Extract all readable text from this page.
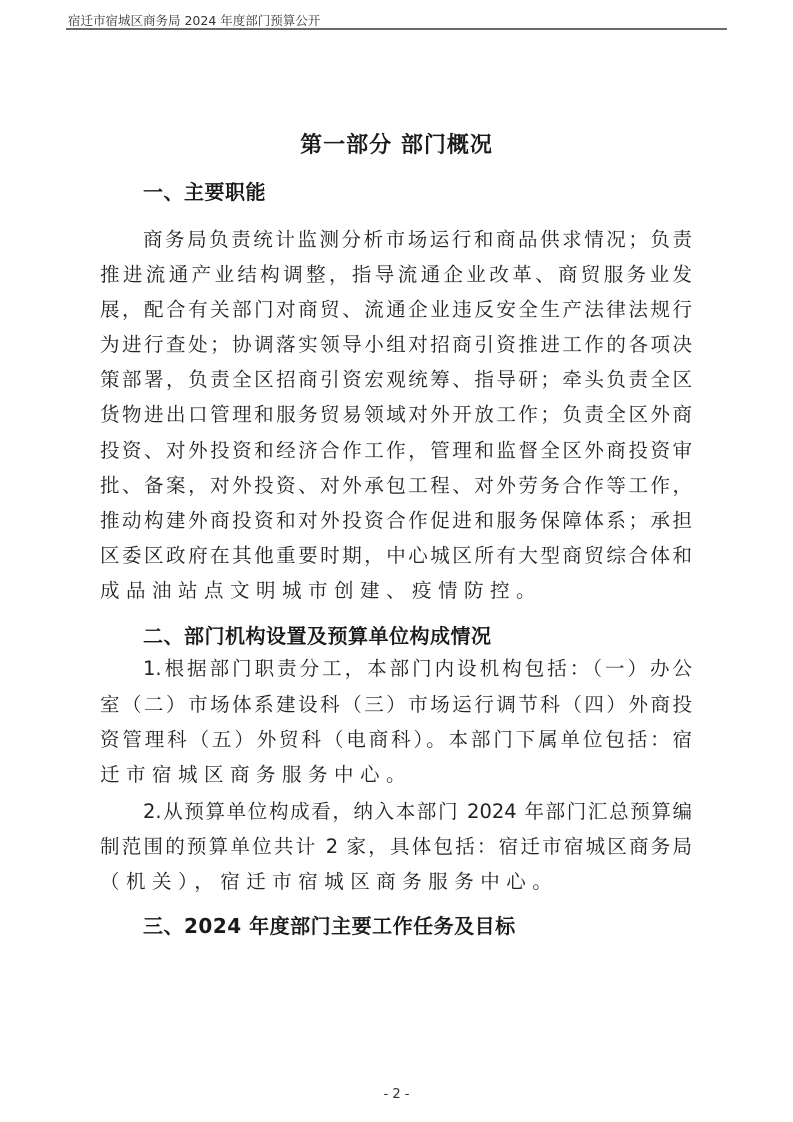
宿迁市宿城区商务局 2024 年度部门预算公开
第一部分 部门概况
一、主要职能
商务局负责统计监测分析市场运行和商品供求情况；负责
推进流通产业结构调整，指导流通企业改革、商贸服务业发
展，配合有关部门对商贸、流通企业违反安全生产法律法规行
为进行查处；协调落实领导小组对招商引资推进工作的各项决
策部署，负责全区招商引资宏观统筹、指导研；牵头负责全区
货物进出口管理和服务贸易领域对外开放工作；负责全区外商
投资、对外投资和经济合作工作，管理和监督全区外商投资审
批、备案，对外投资、对外承包工程、对外劳务合作等工作，
推动构建外商投资和对外投资合作促进和服务保障体系；承担
区委区政府在其他重要时期，中心城区所有大型商贸综合体和
成品油站点文明城市创建、疫情防控。
二、部门机构设置及预算单位构成情况
1.根据部门职责分工，本部门内设机构包括：（一）办公
室（二）市场体系建设科（三）市场运行调节科（四）外商投
资管理科（五）外贸科（电商科）。本部门下属单位包括：宿
迁市宿城区商务服务中心。
2.从预算单位构成看，纳入本部门 2024 年部门汇总预算编
制范围的预算单位共计 2 家，具体包括：宿迁市宿城区商务局
（机关），宿迁市宿城区商务服务中心。
三、2024 年度部门主要工作任务及目标
- 2 -
